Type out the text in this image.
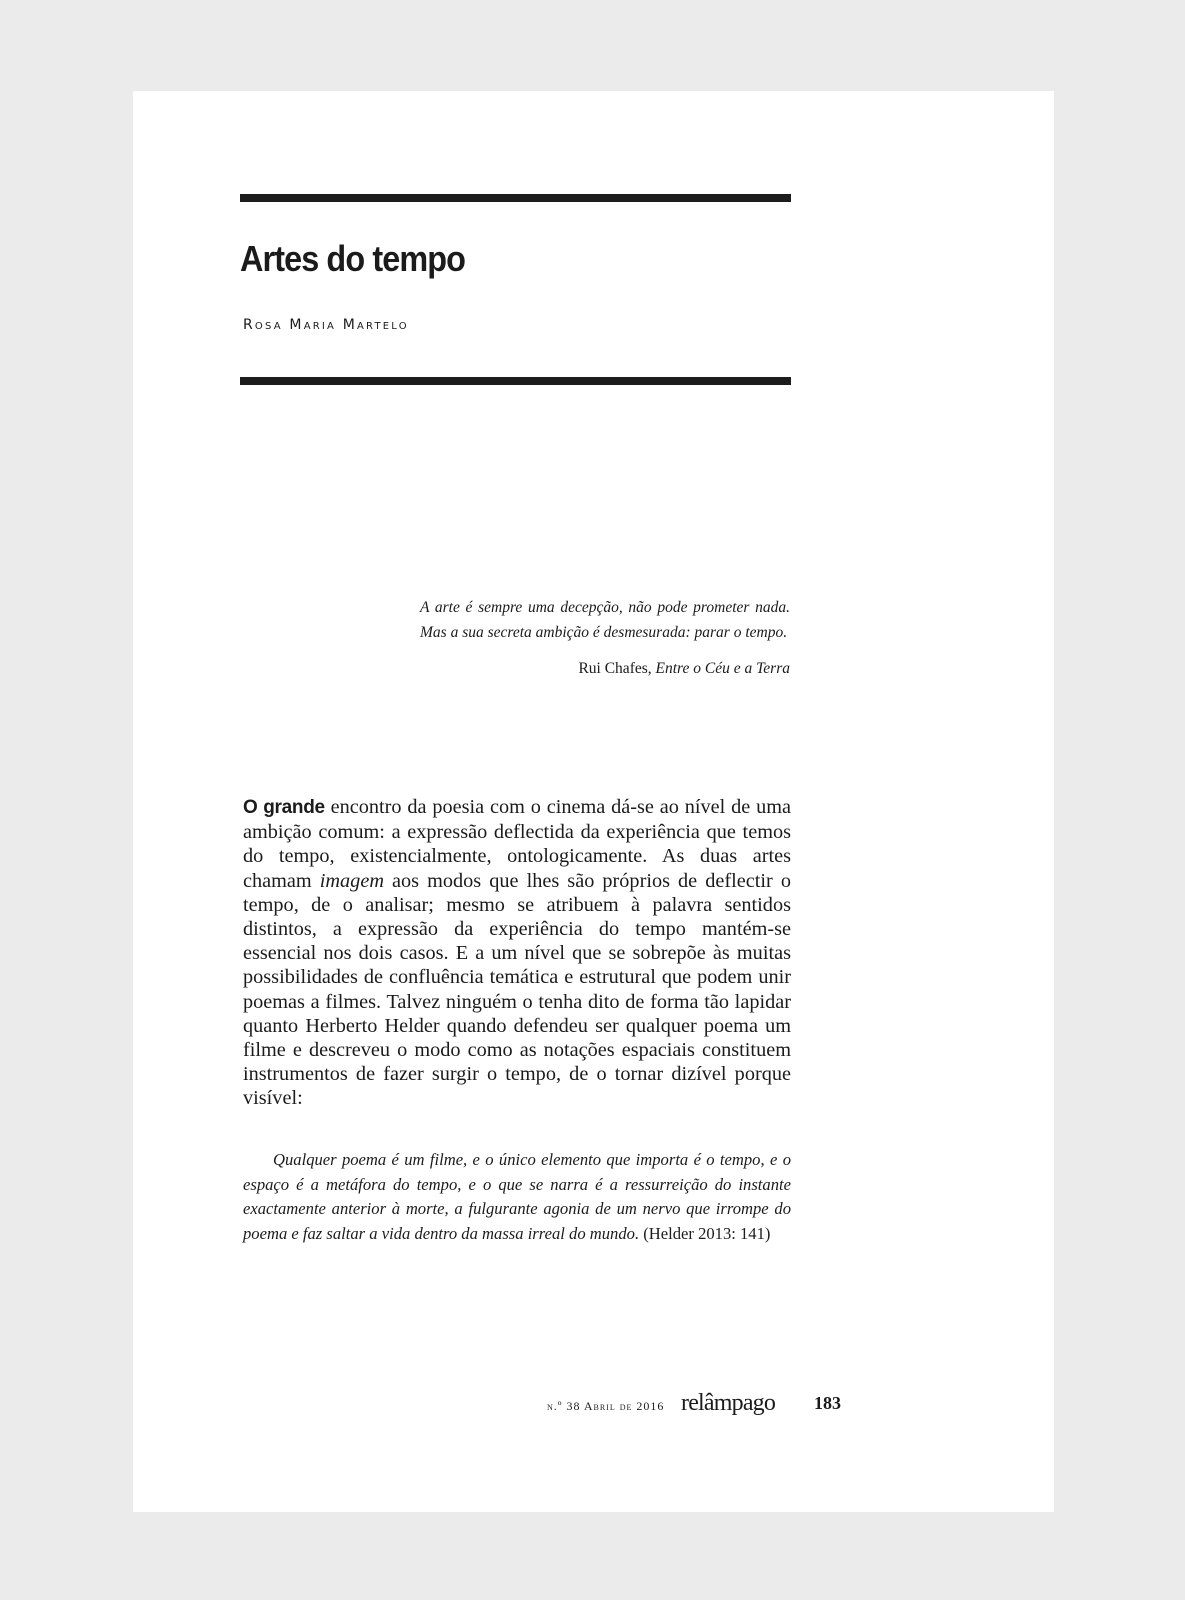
Artes do tempo
Rosa Maria Martelo

A arte é sempre uma decepção, não pode prometer nada. Mas a sua secreta ambição é desmesurada: parar o tempo.

Rui Chafes, Entre o Céu e a Terra

O grande encontro da poesia com o cinema dá-se ao nível de uma ambição comum: a expressão deflectida da experiência que temos do tempo, existencialmente, ontologicamente. As duas artes chamam imagem aos modos que lhes são próprios de deflectir o tempo, de o analisar; mesmo se atribuem à palavra sentidos distintos, a expressão da experiência do tempo mantém-se essencial nos dois casos. E a um nível que se sobrepõe às muitas possibilidades de confluência temática e estrutural que podem unir poemas a filmes. Talvez ninguém o tenha dito de forma tão lapidar quanto Herberto Helder quando defendeu ser qualquer poema um filme e descreveu o modo como as notações espaciais constituem instrumentos de fazer surgir o tempo, de o tornar dizível porque visível:

Qualquer poema é um filme, e o único elemento que importa é o tempo, e o espaço é a metáfora do tempo, e o que se narra é a ressurreição do instante exactamente anterior à morte, a fulgurante agonia de um nervo que irrompe do poema e faz saltar a vida dentro da massa irreal do mundo. (Helder 2013: 141)

n.º 38 Abril de 2016 relâmpago 183
